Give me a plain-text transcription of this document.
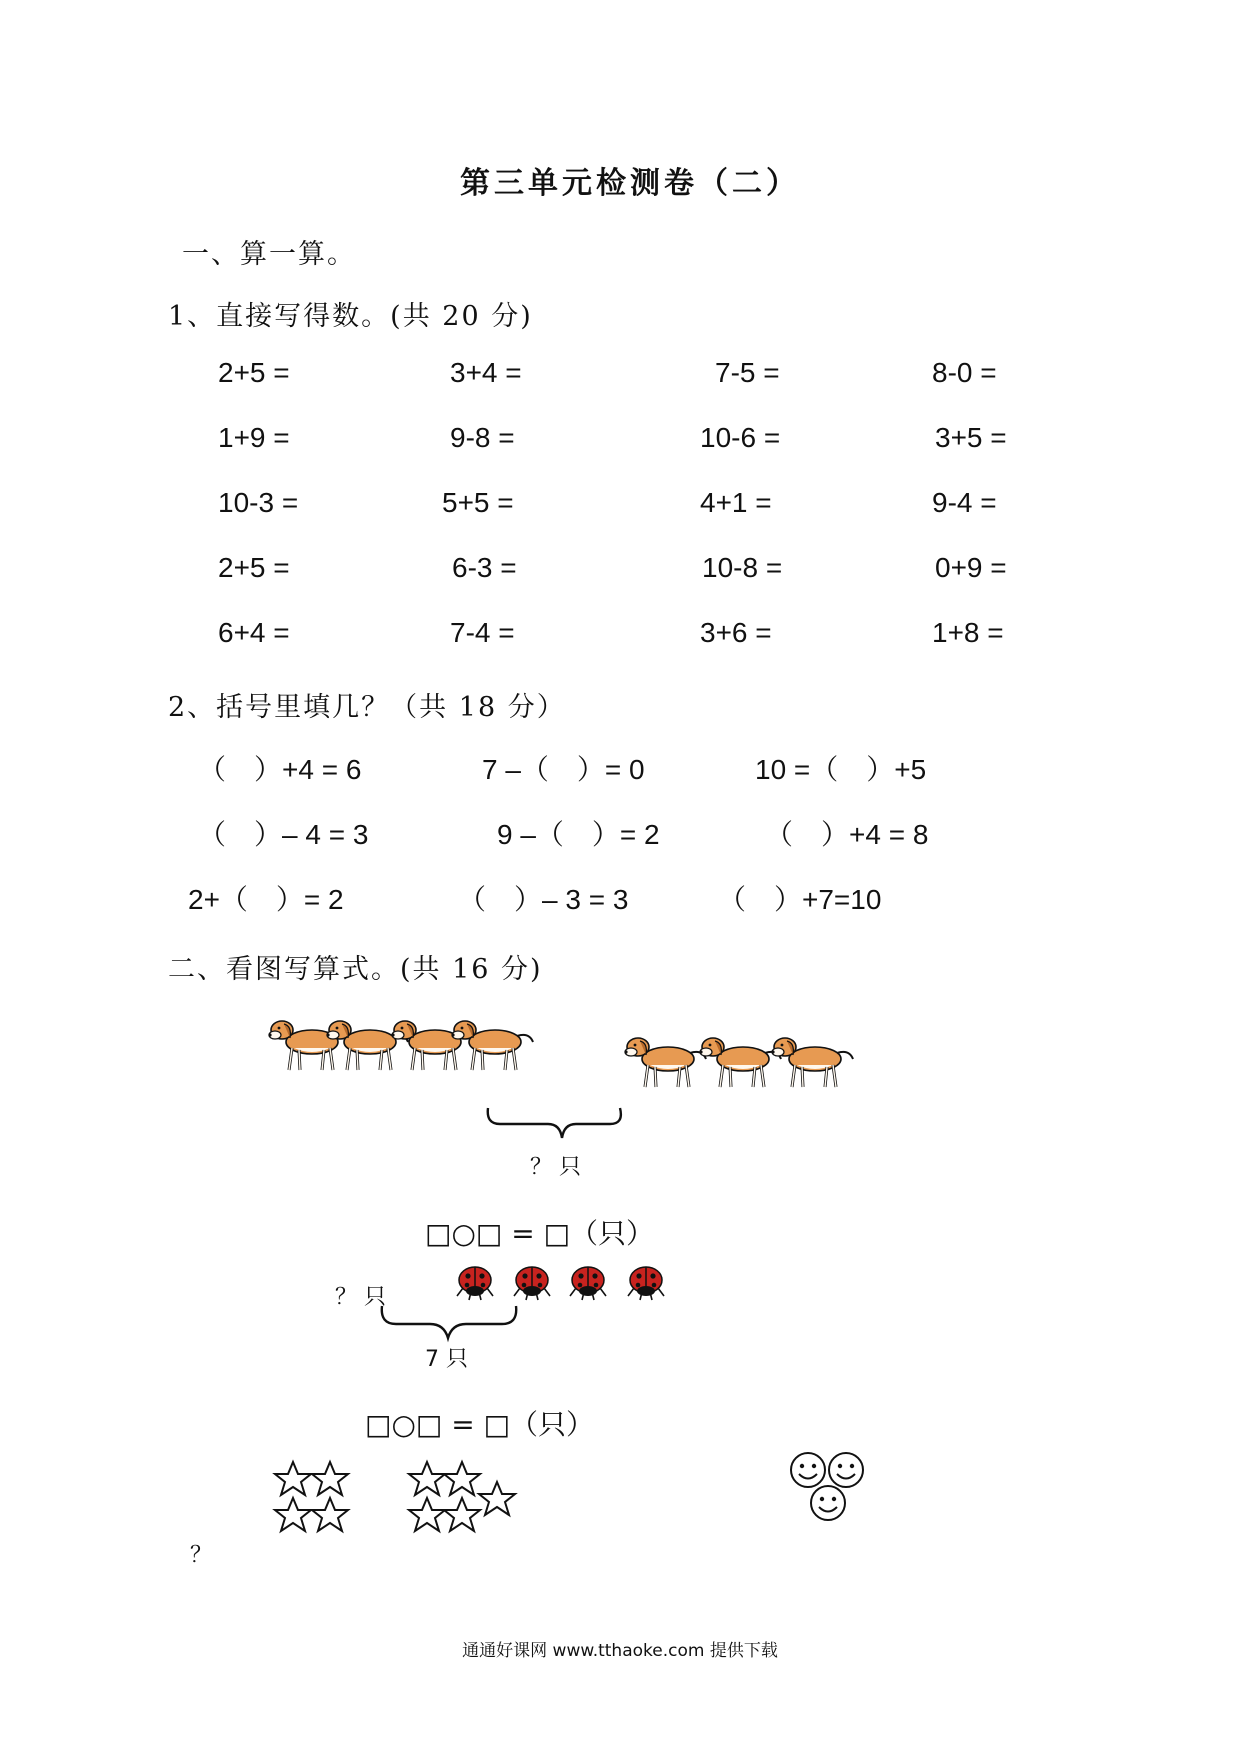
第三单元检测卷（二）
一、算一算。
1、直接写得数。(共 20 分)
2+5 =	3+4 =	7-5 =	8-0 =
1+9 =	9-8 =	10-6 =	3+5 =
10-3 =	5+5 =	4+1 =	9-4 =
2+5 =	6-3 =	10-8 =	0+9 =
6+4 =	7-4 =	3+6 =	1+8 =
2、括号里填几？（共 18 分）
（　）+4 = 6	7 –（　）= 0	10 =（　）+5
（　）– 4 = 3	9 –（　）= 2	（　）+4 = 8
2+（　）= 2	（　）– 3 = 3	（　）+7=10
二、看图写算式。(共 16 分)
？ 只
□○□ = □（只）
？ 只
7 只
□○□ = □（只）
？
通通好课网 www.tthaoke.com 提供下载
